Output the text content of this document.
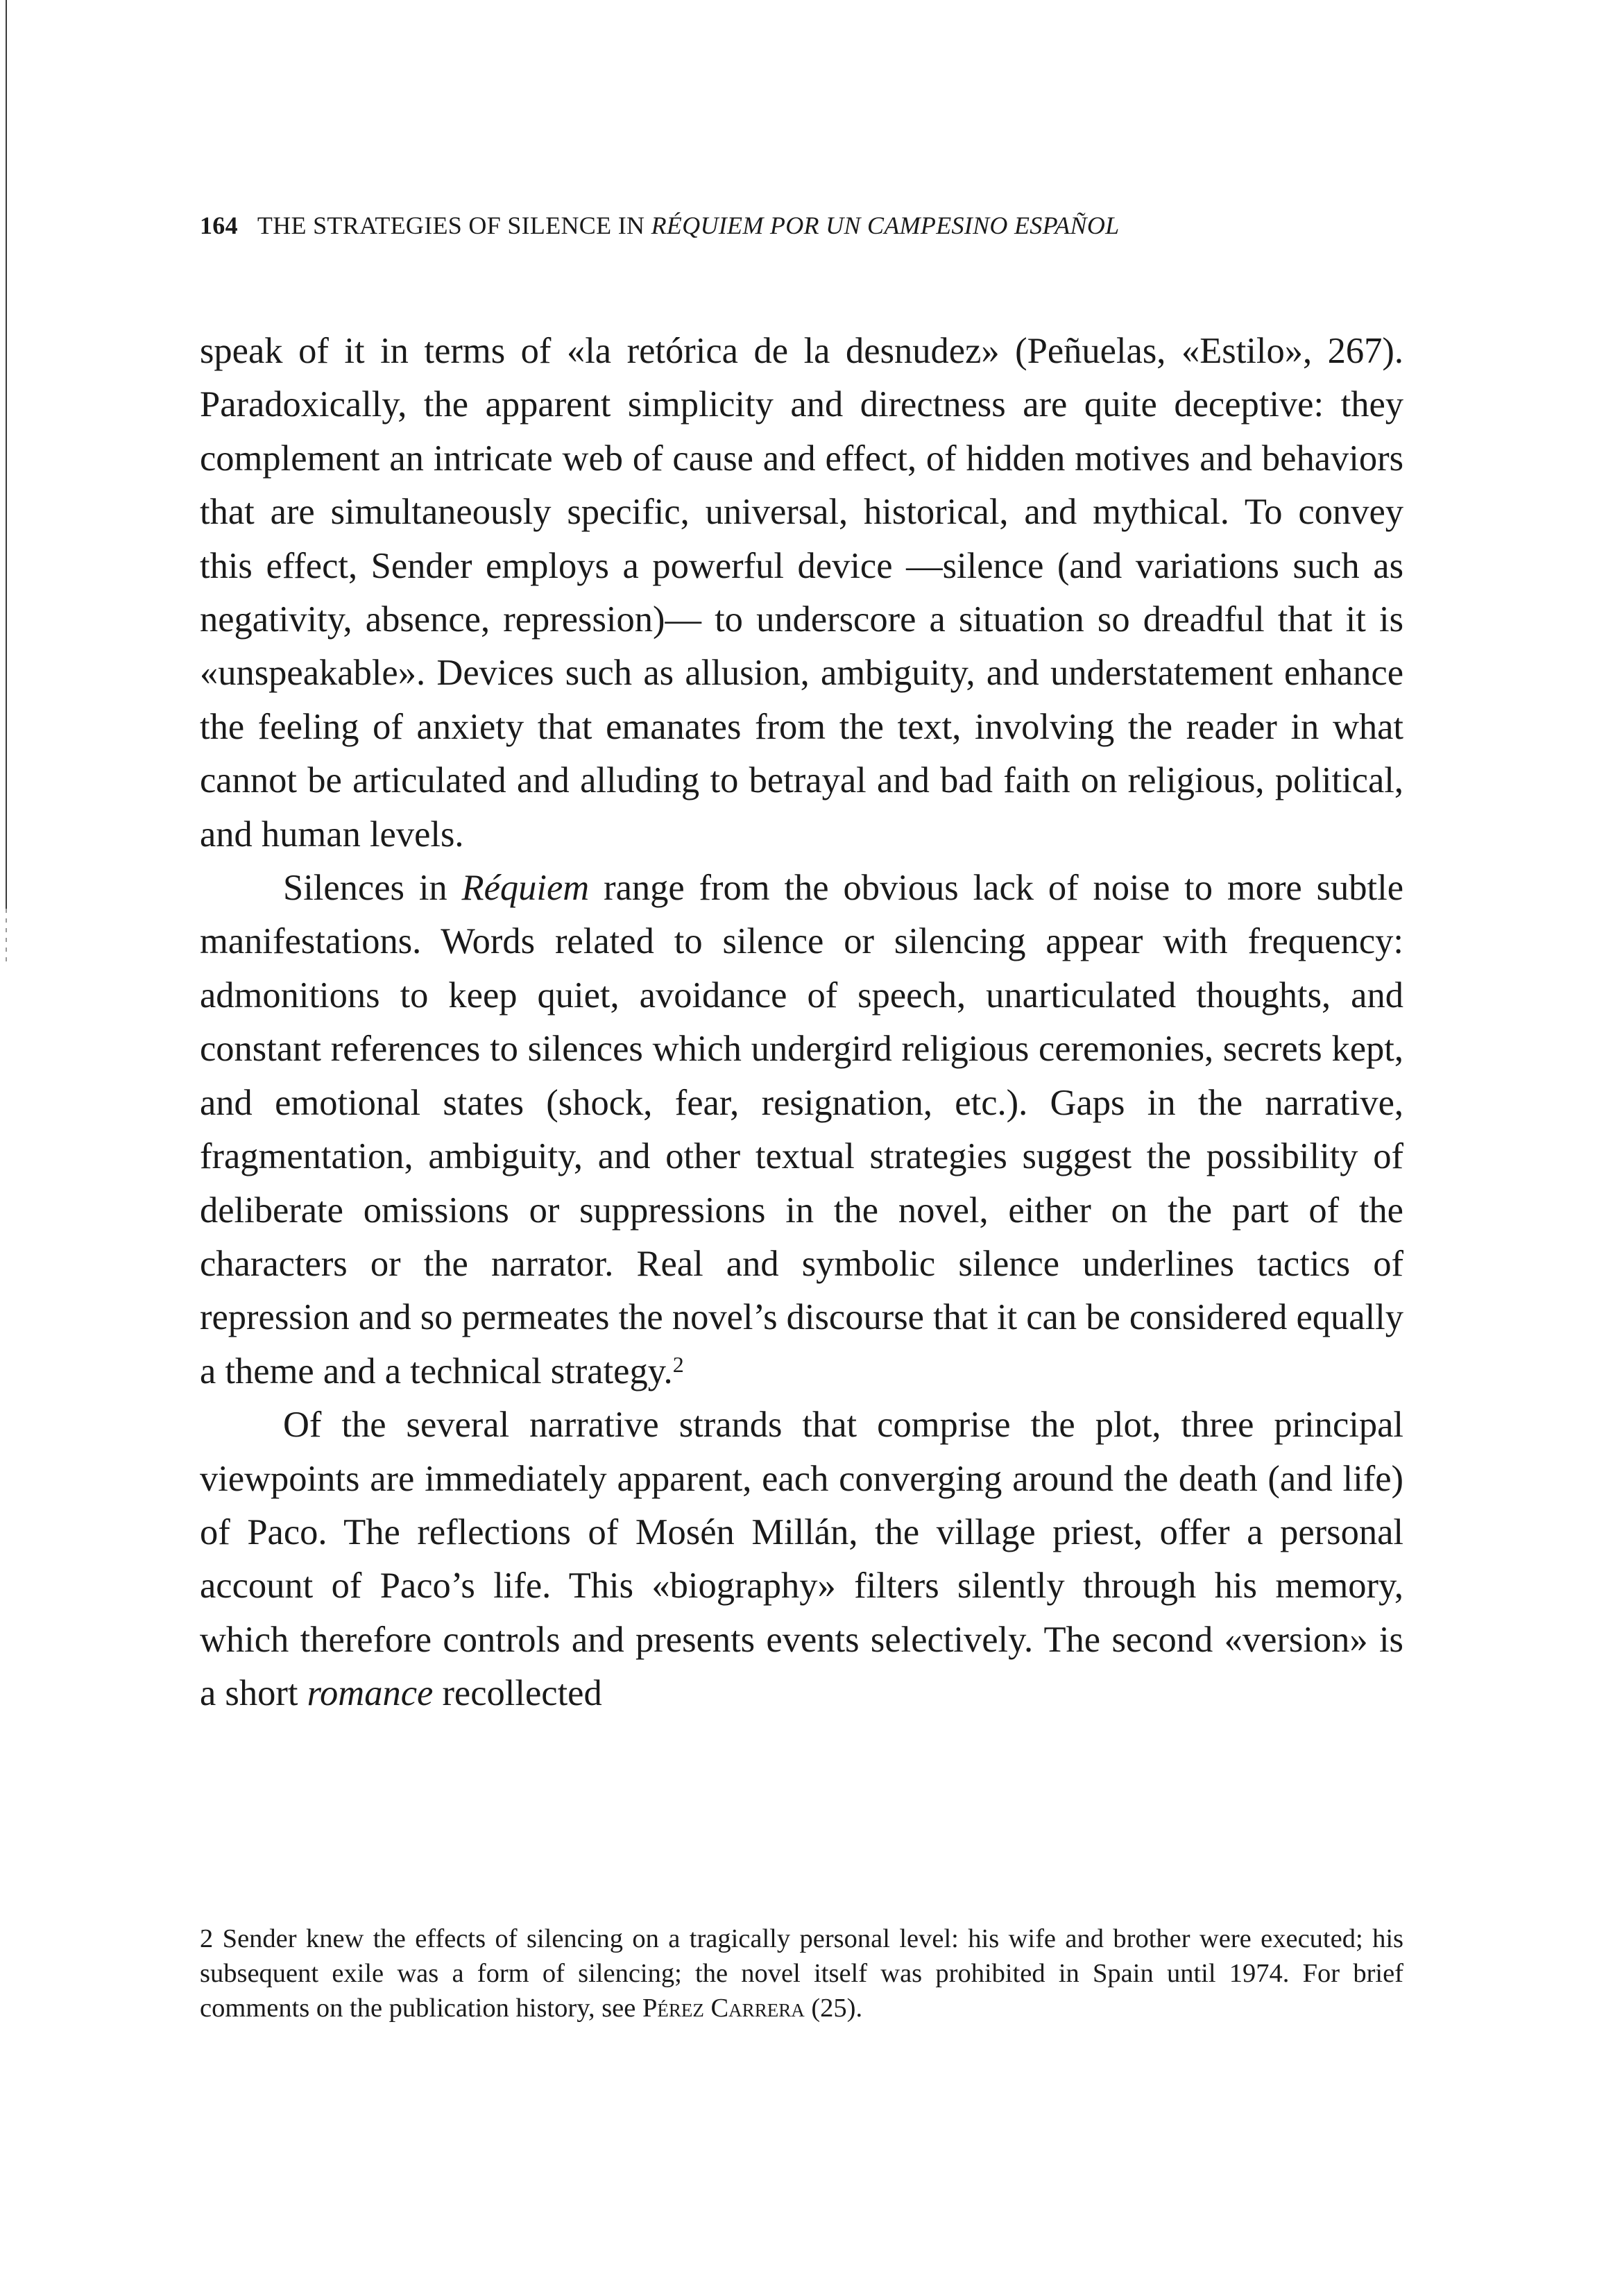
164 THE STRATEGIES OF SILENCE IN RÉQUIEM POR UN CAMPESINO ESPAÑOL

speak of it in terms of «la retórica de la desnudez» (Peñuelas, «Estilo», 267). Paradoxically, the apparent simplicity and directness are quite deceptive: they complement an intricate web of cause and effect, of hidden motives and behaviors that are simultaneously specific, universal, historical, and mythical. To convey this effect, Sender employs a powerful device —silence (and variations such as negativity, absence, repression)— to underscore a situation so dreadful that it is «unspeakable». Devices such as allusion, ambiguity, and understatement enhance the feeling of anxiety that emanates from the text, involving the reader in what cannot be articulated and alluding to betrayal and bad faith on religious, political, and human levels.

Silences in Réquiem range from the obvious lack of noise to more subtle manifestations. Words related to silence or silencing appear with frequency: admonitions to keep quiet, avoidance of speech, unarticulated thoughts, and constant references to silences which undergird religious ceremonies, secrets kept, and emotional states (shock, fear, resignation, etc.). Gaps in the narrative, fragmentation, ambiguity, and other textual strategies suggest the possibility of deliberate omissions or suppressions in the novel, either on the part of the characters or the narrator. Real and symbolic silence underlines tactics of repression and so permeates the novel’s discourse that it can be considered equally a theme and a technical strategy.$^2$

Of the several narrative strands that comprise the plot, three principal viewpoints are immediately apparent, each converging around the death (and life) of Paco. The reflections of Mosén Millán, the village priest, offer a personal account of Paco’s life. This «biography» filters silently through his memory, which therefore controls and presents events selectively. The second «version» is a short romance recollected

2 Sender knew the effects of silencing on a tragically personal level: his wife and brother were executed; his subsequent exile was a form of silencing; the novel itself was prohibited in Spain until 1974. For brief comments on the publication history, see Pérez Carrera (25).
